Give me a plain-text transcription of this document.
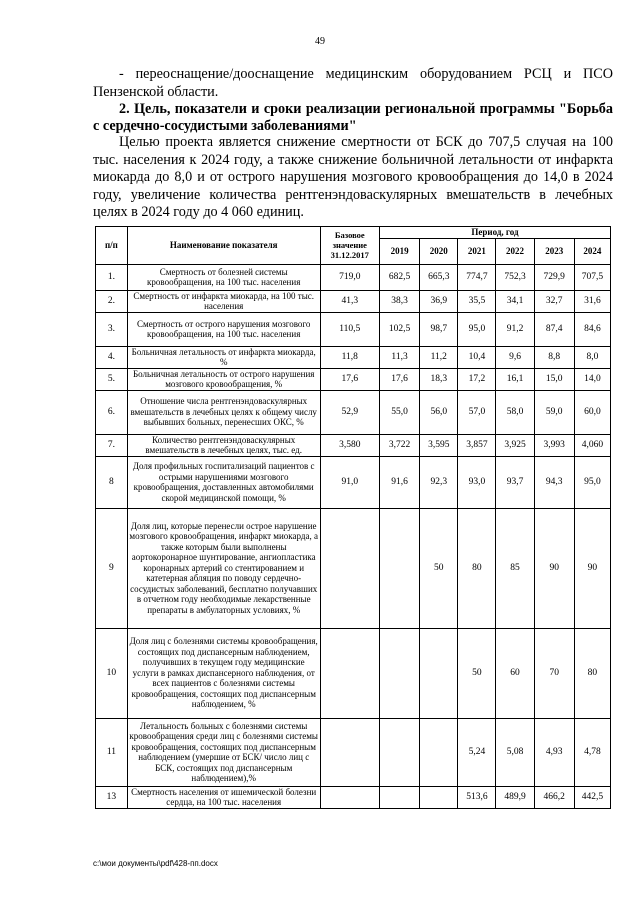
49

- переоснащение/дооснащение медицинским оборудованием РСЦ и ПСО Пензенской области.

2. Цель, показатели и сроки реализации региональной программы "Борьба с сердечно-сосудистыми заболеваниями"

Целью проекта является снижение смертности от БСК до 707,5 случая на 100 тыс. населения к 2024 году, а также снижение больничной летальности от инфаркта миокарда до 8,0 и от острого нарушения мозгового кровообращения до 14,0 в 2024 году, увеличение количества рентгенэндоваскулярных вмешательств в лечебных целях в 2024 году до 4 060 единиц.

п/п	Наименование показателя	Базовое значение 31.12.2017	Период, год					
			2019	2020	2021	2022	2023	2024
1.	Смертность от болезней системы кровообращения, на 100 тыс. населения	719,0	682,5	665,3	774,7	752,3	729,9	707,5
2.	Смертность от инфаркта миокарда, на 100 тыс. населения	41,3	38,3	36,9	35,5	34,1	32,7	31,6
3.	Смертность от острого нарушения мозгового кровообращения, на 100 тыс. населения	110,5	102,5	98,7	95,0	91,2	87,4	84,6
4.	Больничная летальность от инфаркта миокарда, %	11,8	11,3	11,2	10,4	9,6	8,8	8,0
5.	Больничная летальность от острого нарушения мозгового кровообращения, %	17,6	17,6	18,3	17,2	16,1	15,0	14,0
6.	Отношение числа рентгенэндоваскулярных вмешательств в лечебных целях к общему числу выбывших больных, перенесших ОКС, %	52,9	55,0	56,0	57,0	58,0	59,0	60,0
7.	Количество рентгенэндоваскулярных вмешательств в лечебных целях, тыс. ед.	3,580	3,722	3,595	3,857	3,925	3,993	4,060
8	Доля профильных госпитализаций пациентов с острыми нарушениями мозгового кровообращения, доставленных автомобилями скорой медицинской помощи, %	91,0	91,6	92,3	93,0	93,7	94,3	95,0
9	Доля лиц, которые перенесли острое нарушение мозгового кровообращения, инфаркт миокарда, а также которым были выполнены аортокоронарное шунтирование, ангиопластика коронарных артерий со стентированием и катетерная абляция по поводу сердечно-сосудистых заболеваний, бесплатно получавших в отчетном году необходимые лекарственные препараты в амбулаторных условиях, %			50	80	85	90	90
10	Доля лиц с болезнями системы кровообращения, состоящих под диспансерным наблюдением, получивших в текущем году медицинские услуги в рамках диспансерного наблюдения, от всех пациентов с болезнями системы кровообращения, состоящих под диспансерным наблюдением, %				50	60	70	80
11	Летальность больных с болезнями системы кровообращения среди лиц с болезнями системы кровообращения, состоящих под диспансерным наблюдением (умершие от БСК/ число лиц с БСК, состоящих под диспансерным наблюдением),%				5,24	5,08	4,93	4,78
13	Смертность населения от ишемической болезни сердца, на 100 тыс. населения				513,6	489,9	466,2	442,5
c:\мои документы\pdf\428-пп.docx
